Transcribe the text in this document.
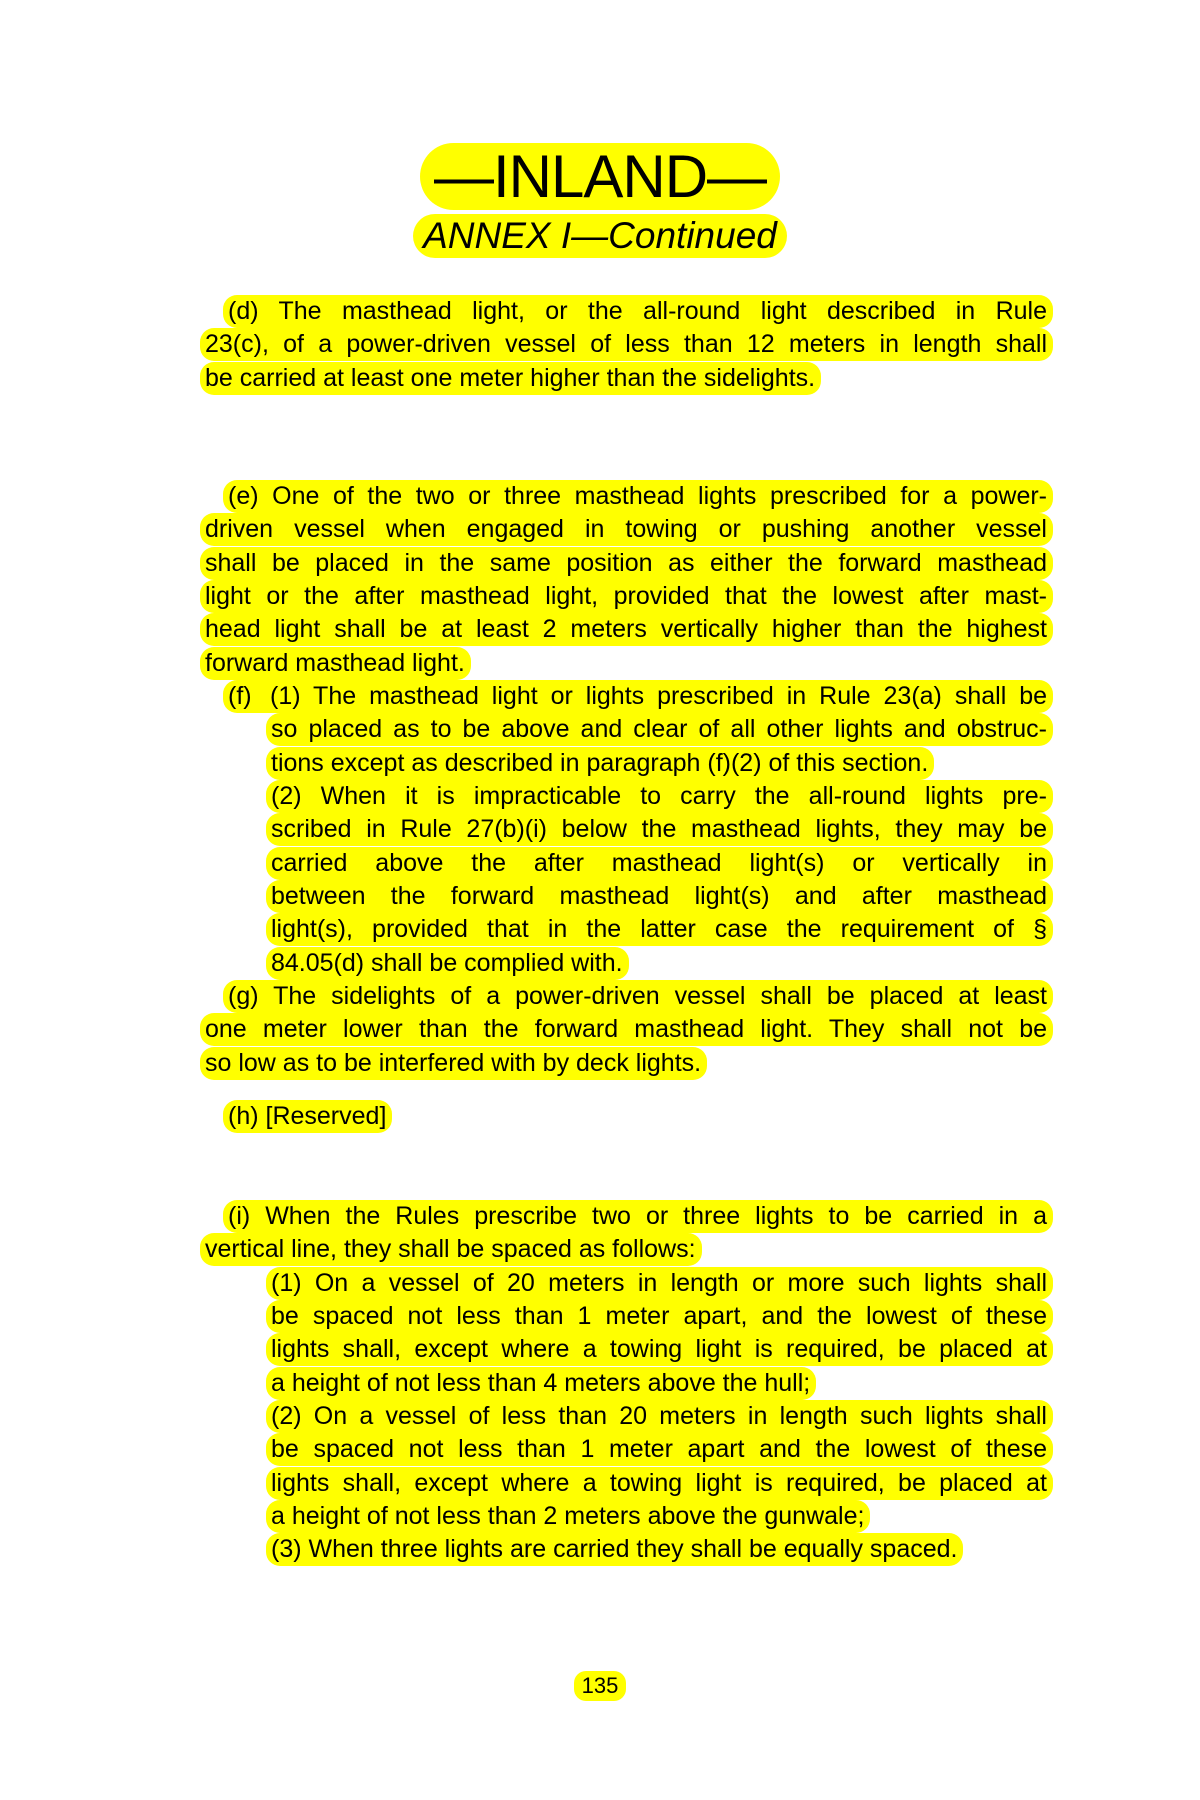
—INLAND—
ANNEX I—Continued
(d) The masthead light, or the all-round light described in Rule
23(c), of a power-driven vessel of less than 12 meters in length shall
be carried at least one meter higher than the sidelights.
(e) One of the two or three masthead lights prescribed for a power-
driven vessel when engaged in towing or pushing another vessel
shall be placed in the same position as either the forward masthead
light or the after masthead light, provided that the lowest after mast-
head light shall be at least 2 meters vertically higher than the highest
forward masthead light.
(f) (1) The masthead light or lights prescribed in Rule 23(a) shall be
so placed as to be above and clear of all other lights and obstruc-
tions except as described in paragraph (f)(2) of this section.
(2) When it is impracticable to carry the all-round lights pre-
scribed in Rule 27(b)(i) below the masthead lights, they may be
carried above the after masthead light(s) or vertically in
between the forward masthead light(s) and after masthead
light(s), provided that in the latter case the requirement of §
84.05(d) shall be complied with.
(g) The sidelights of a power-driven vessel shall be placed at least
one meter lower than the forward masthead light. They shall not be
so low as to be interfered with by deck lights.
(h) [Reserved]
(i) When the Rules prescribe two or three lights to be carried in a
vertical line, they shall be spaced as follows:
(1) On a vessel of 20 meters in length or more such lights shall
be spaced not less than 1 meter apart, and the lowest of these
lights shall, except where a towing light is required, be placed at
a height of not less than 4 meters above the hull;
(2) On a vessel of less than 20 meters in length such lights shall
be spaced not less than 1 meter apart and the lowest of these
lights shall, except where a towing light is required, be placed at
a height of not less than 2 meters above the gunwale;
(3) When three lights are carried they shall be equally spaced.
135
